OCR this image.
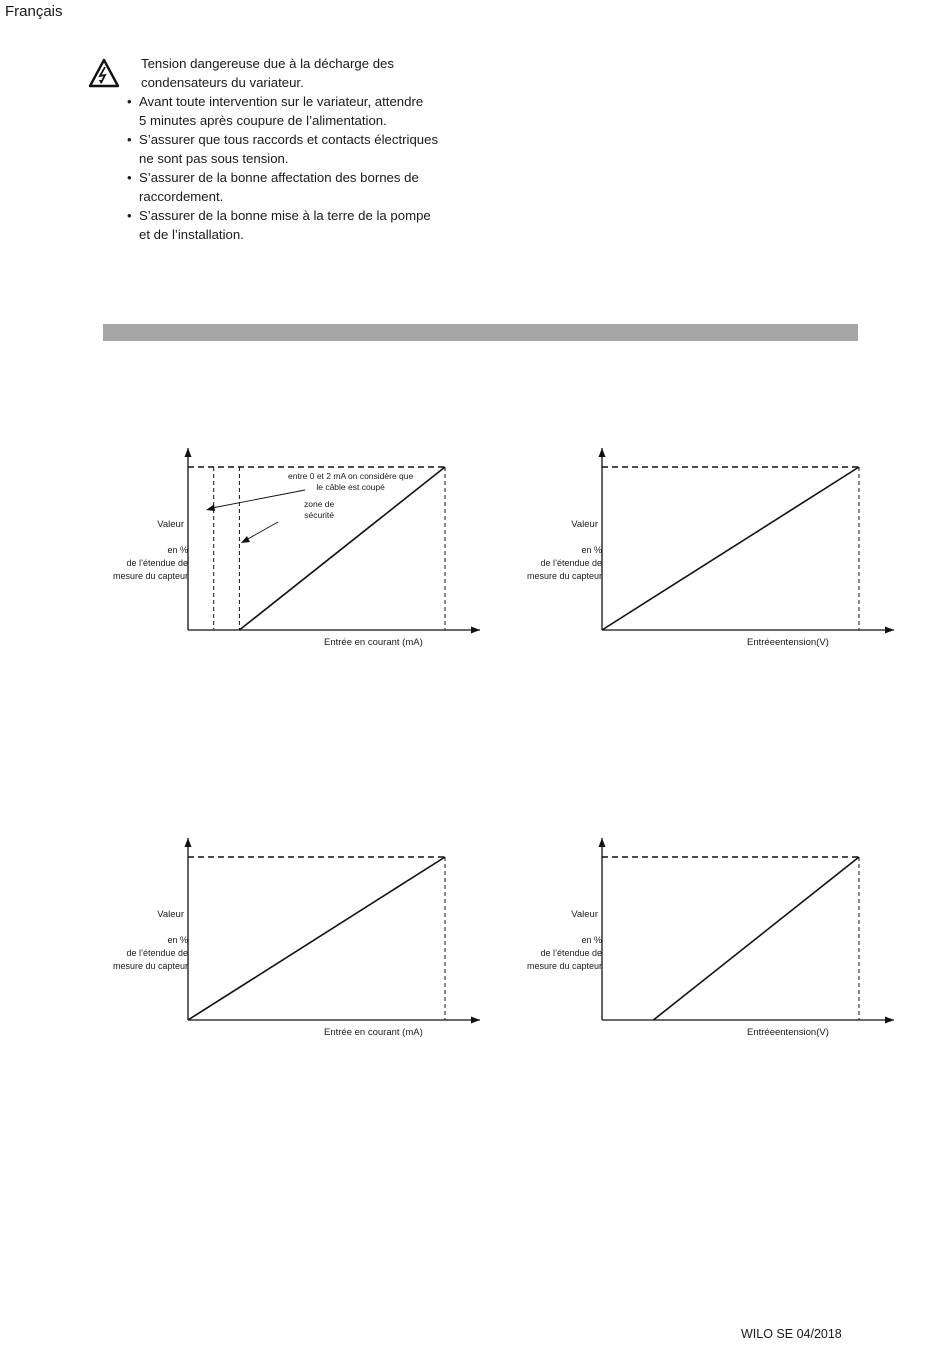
Français
Tension dangereuse due à la décharge des
condensateurs du variateur.
• Avant toute intervention sur le variateur, attendre
5 minutes après coupure de l’alimentation.
• S’assurer que tous raccords et contacts électriques
ne sont pas sous tension.
• S’assurer de la bonne affectation des bornes de
raccordement.
• S’assurer de la bonne mise à la terre de la pompe
et de l’installation.
Valeur
en %
de l’étendue de
mesure du capteur
Entrée en courant (mA)
entre 0 et 2 mA on considère que
le câble est coupé
zone de
sécurité
Valeur
en %
de l’étendue de
mesure du capteur
Entréeentension(V)
Valeur
en %
de l’étendue de
mesure du capteur
Entrée en courant (mA)
Valeur
en %
de l’étendue de
mesure du capteur
Entréeentension(V)
WILO SE 04/2018
